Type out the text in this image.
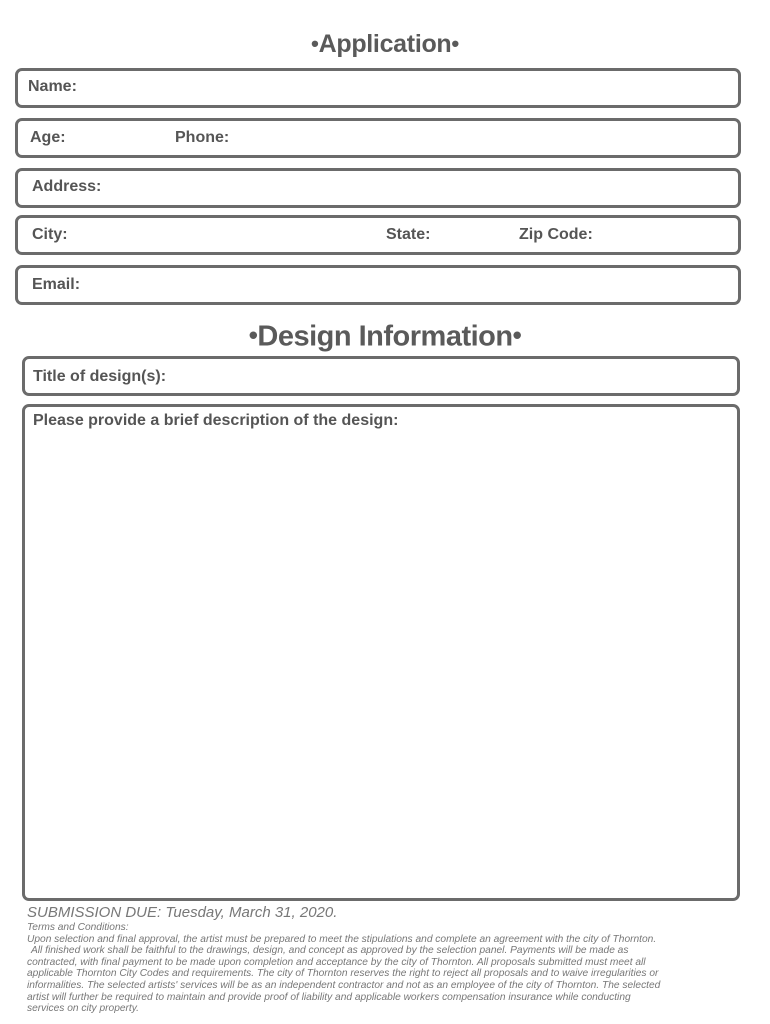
•Application•
Name:
Age:	Phone:
Address:
City:	State:	Zip Code:
Email:
•Design Information•
Title of design(s):
Please provide a brief description of the design:
SUBMISSION DUE: Tuesday, March 31, 2020.
Terms and Conditions:
Upon selection and final approval, the artist must be prepared to meet the stipulations and complete an agreement with the city of Thornton.
All finished work shall be faithful to the drawings, design, and concept as approved by the selection panel. Payments will be made as
contracted, with final payment to be made upon completion and acceptance by the city of Thornton. All proposals submitted must meet all
applicable Thornton City Codes and requirements. The city of Thornton reserves the right to reject all proposals and to waive irregularities or
informalities. The selected artists' services will be as an independent contractor and not as an employee of the city of Thornton. The selected
artist will further be required to maintain and provide proof of liability and applicable workers compensation insurance while conducting
services on city property.
